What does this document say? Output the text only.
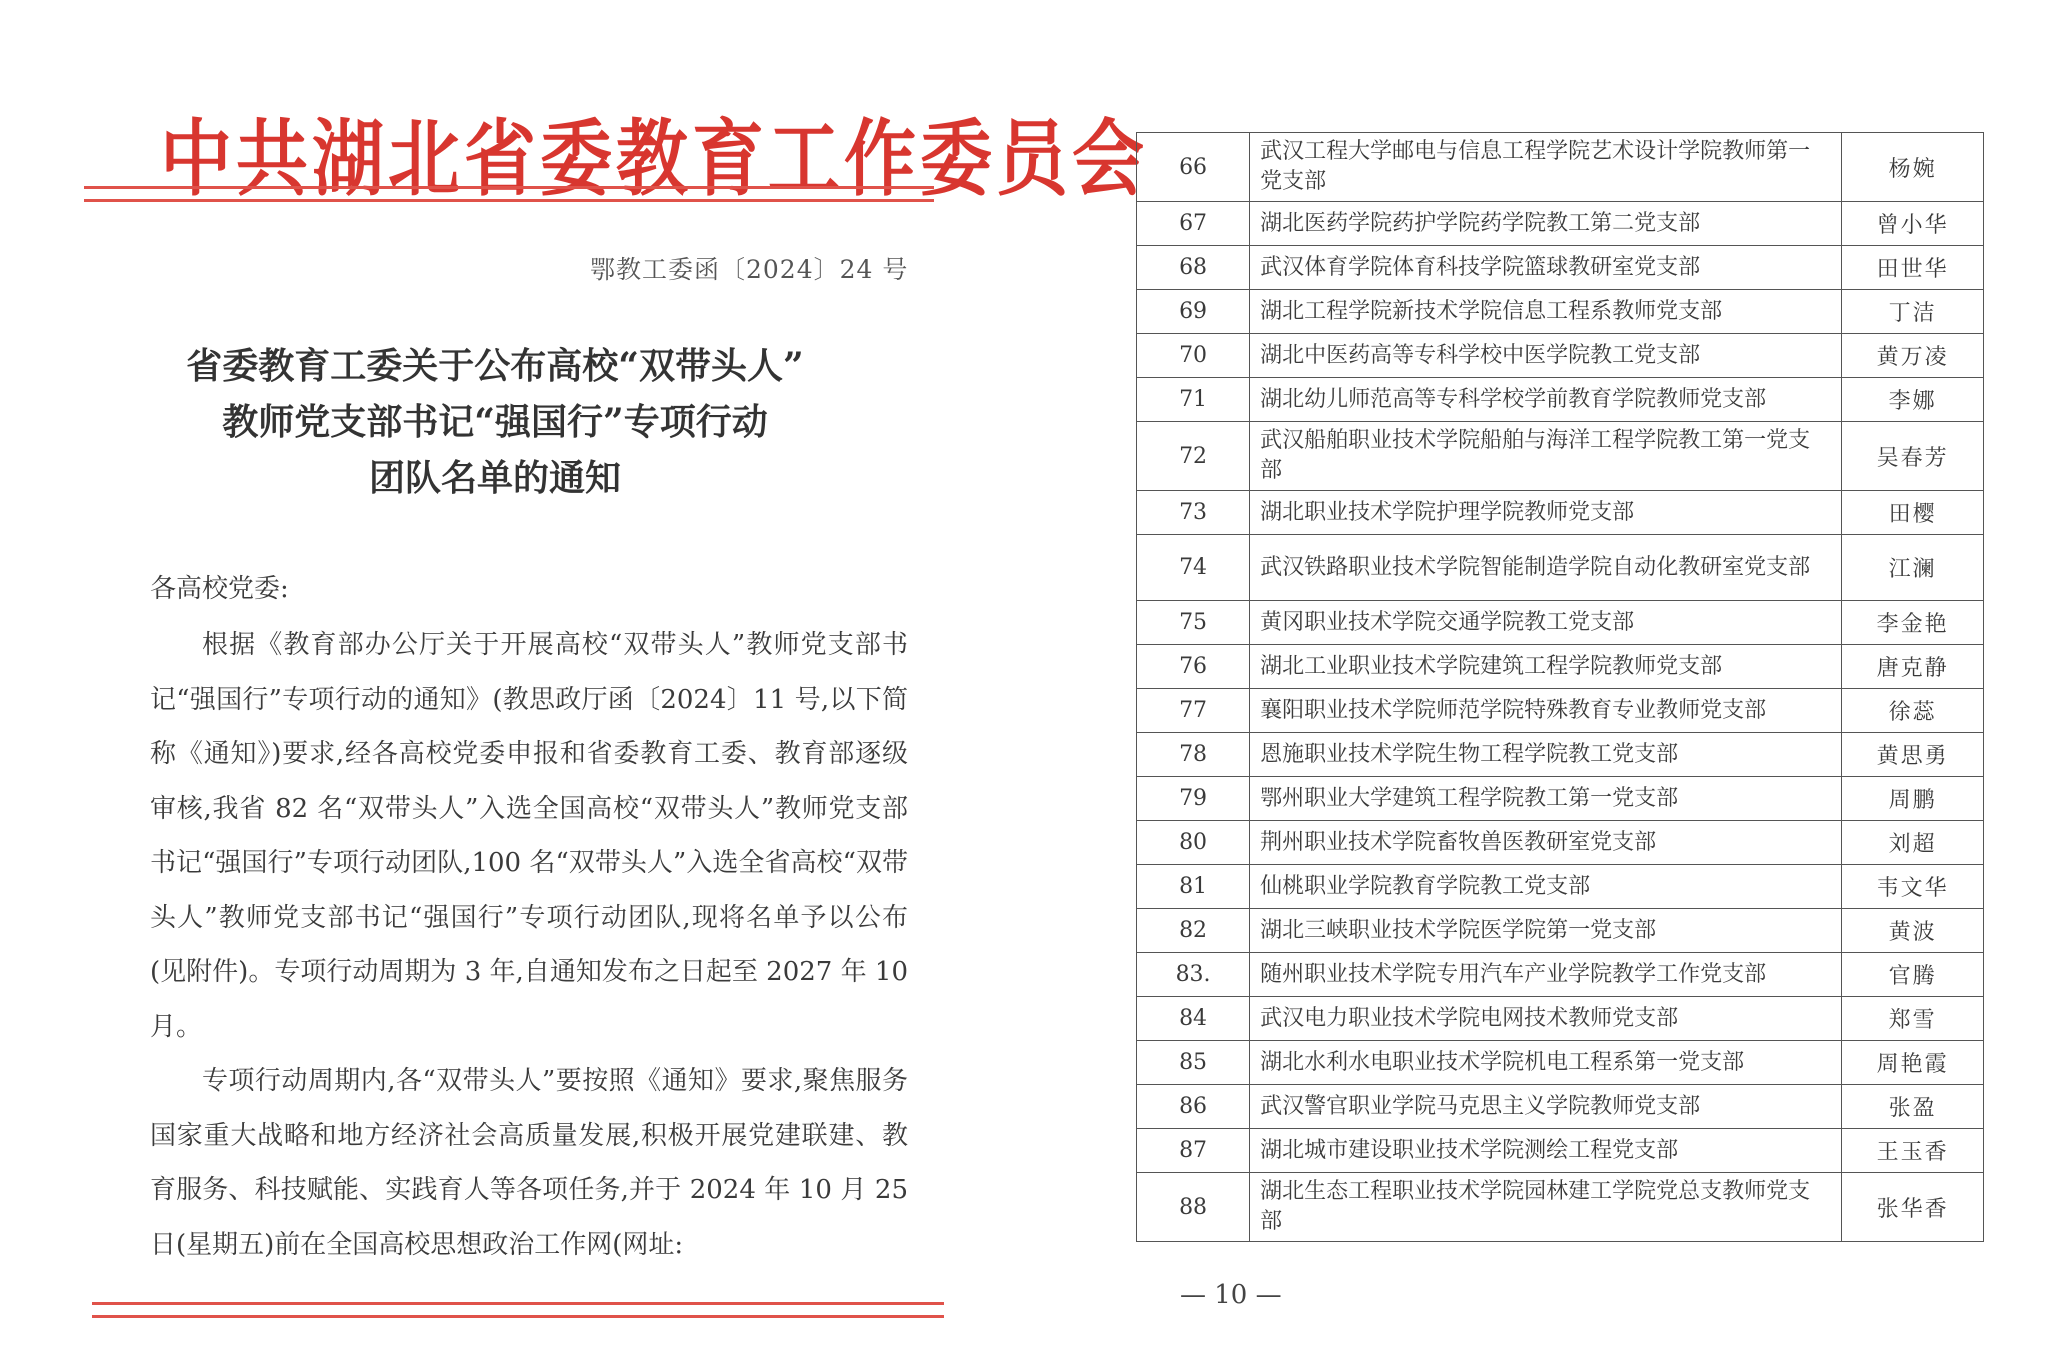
中共湖北省委教育工作委员会
鄂教工委函〔2024〕24 号
省委教育工委关于公布高校“双带头人”
教师党支部书记“强国行”专项行动
团队名单的通知
各高校党委:

根据《教育部办公厅关于开展高校“双带头人”教师党支部书记“强国行”专项行动的通知》(教思政厅函〔2024〕11 号,以下简称《通知》)要求,经各高校党委申报和省委教育工委、教育部逐级审核,我省 82 名“双带头人”入选全国高校“双带头人”教师党支部书记“强国行”专项行动团队,100 名“双带头人”入选全省高校“双带头人”教师党支部书记“强国行”专项行动团队,现将名单予以公布(见附件)。专项行动周期为 3 年,自通知发布之日起至 2027 年 10 月。

专项行动周期内,各“双带头人”要按照《通知》要求,聚焦服务国家重大战略和地方经济社会高质量发展,积极开展党建联建、教育服务、科技赋能、实践育人等各项任务,并于 2024 年 10 月 25 日(星期五)前在全国高校思想政治工作网(网址:

66	武汉工程大学邮电与信息工程学院艺术设计学院教师第一党支部	杨婉
67	湖北医药学院药护学院药学院教工第二党支部	曾小华
68	武汉体育学院体育科技学院篮球教研室党支部	田世华
69	湖北工程学院新技术学院信息工程系教师党支部	丁洁
70	湖北中医药高等专科学校中医学院教工党支部	黄万凌
71	湖北幼儿师范高等专科学校学前教育学院教师党支部	李娜
72	武汉船舶职业技术学院船舶与海洋工程学院教工第一党支部	吴春芳
73	湖北职业技术学院护理学院教师党支部	田樱
74	武汉铁路职业技术学院智能制造学院自动化教研室党支部	江澜
75	黄冈职业技术学院交通学院教工党支部	李金艳
76	湖北工业职业技术学院建筑工程学院教师党支部	唐克静
77	襄阳职业技术学院师范学院特殊教育专业教师党支部	徐蕊
78	恩施职业技术学院生物工程学院教工党支部	黄思勇
79	鄂州职业大学建筑工程学院教工第一党支部	周鹏
80	荆州职业技术学院畜牧兽医教研室党支部	刘超
81	仙桃职业学院教育学院教工党支部	韦文华
82	湖北三峡职业技术学院医学院第一党支部	黄波
83.	随州职业技术学院专用汽车产业学院教学工作党支部	官腾
84	武汉电力职业技术学院电网技术教师党支部	郑雪
85	湖北水利水电职业技术学院机电工程系第一党支部	周艳霞
86	武汉警官职业学院马克思主义学院教师党支部	张盈
87	湖北城市建设职业技术学院测绘工程党支部	王玉香
88	湖北生态工程职业技术学院园林建工学院党总支教师党支部	张华香
— 10 —
